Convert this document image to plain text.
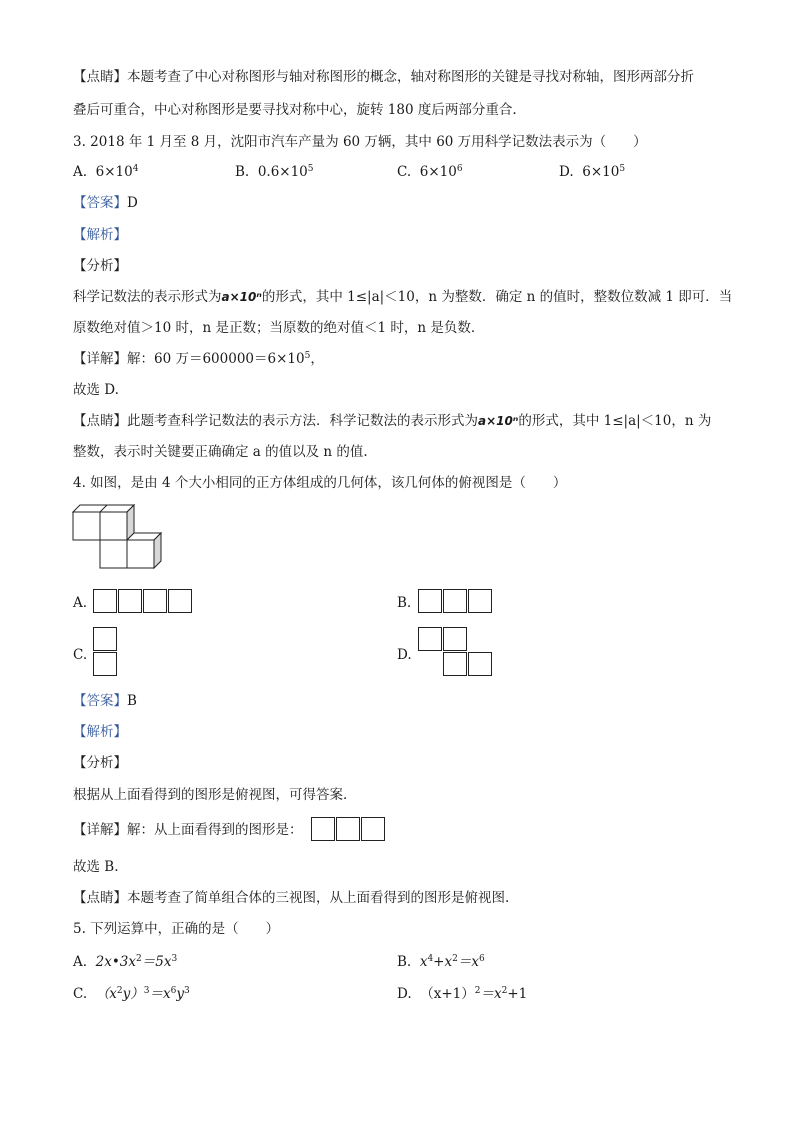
【点睛】本题考查了中心对称图形与轴对称图形的概念，轴对称图形的关键是寻找对称轴，图形两部分折
叠后可重合，中心对称图形是要寻找对称中心，旋转 180 度后两部分重合.
3. 2018 年 1 月至 8 月，沈阳市汽车产量为 60 万辆，其中 60 万用科学记数法表示为（　　）
A. $6\times 10^4$	B. $0.6\times 10^5$	C. $6\times 10^6$	D. $6\times 10^5$
【答案】D
【解析】
【分析】
科学记数法的表示形式为a×10ⁿ的形式，其中 1≤|a|＜10，n 为整数．确定 n 的值时，整数位数减 1 即可．当
原数绝对值＞10 时，n 是正数；当原数的绝对值＜1 时，n 是负数．
【详解】解：60 万$=600000=6\times 10^5$，
故选 D.
【点睛】此题考查科学记数法的表示方法．科学记数法的表示形式为a×10ⁿ的形式，其中 1≤|a|＜10，n 为
整数，表示时关键要正确确定 a 的值以及 n 的值.
4. 如图，是由 4 个大小相同的正方体组成的几何体，该几何体的俯视图是（　　）
A.	B.
C.	D.
【答案】B
【解析】
【分析】
根据从上面看得到的图形是俯视图，可得答案．
【详解】解：从上面看得到的图形是：
故选 B.
【点睛】本题考查了简单组合体的三视图，从上面看得到的图形是俯视图.
5. 下列运算中，正确的是（　　）
A. $2x•3x^2=5x^3$	B. $x^4+x^2=x^6$
C. $(x^2y)^3=x^6y^3$	D. $(x+1)^2=x^2+1$
